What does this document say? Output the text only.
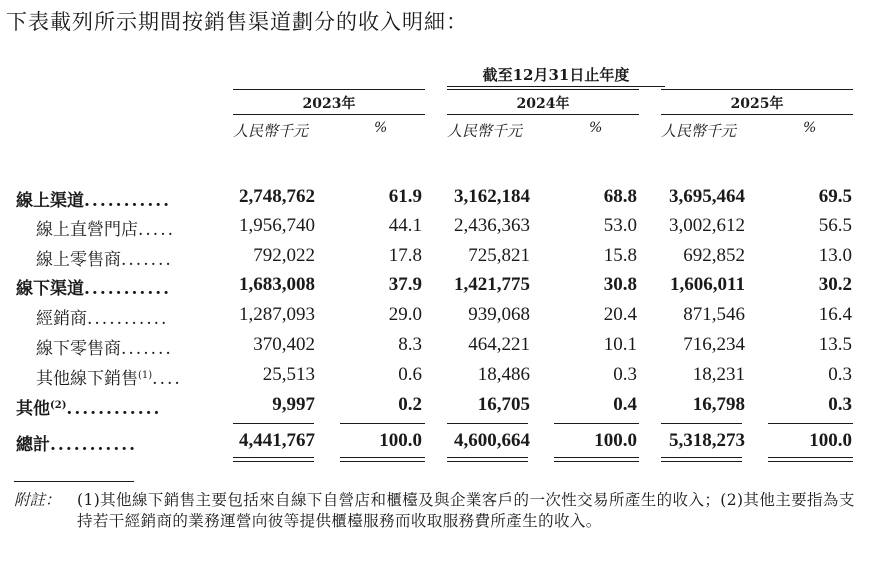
下表載列所示期間按銷售渠道劃分的收入明細：
截至12月31日止年度
2023年	2024年	2025年
人民幣千元	%	人民幣千元	%	人民幣千元	%
線上渠道...........	2,748,762	61.9 3,162,184	68.8 3,695,464	69.5
線上直營門店.....	1,956,740	44.1 2,436,363	53.0 3,002,612	56.5
線上零售商.......	792,022	17.8 725,821	15.8 692,852	13.0
線下渠道...........	1,683,008	37.9 1,421,775	30.8 1,606,011	30.2
經銷商...........	1,287,093	29.0 939,068	20.4 871,546	16.4
線下零售商.......	370,402	8.3 464,221	10.1 716,234	13.5
其他線下銷售$^{(1)}$....	25,513	0.6	18,486	0.3	18,231	0.3
其他$^{(2)}$............	9,997	0.2	16,705	0.4	16,798	0.3
總計...........	4,441,767	100.0 4,600,664	100.0 5,318,273	100.0
附註： (1)其他線下銷售主要包括來自線下自營店和櫃檯及與企業客戶的一次性交易所產生的收入；(2)其他主要指為支持若干經銷商的業務運營向彼等提供櫃檯服務而收取服務費所產生的收入。
